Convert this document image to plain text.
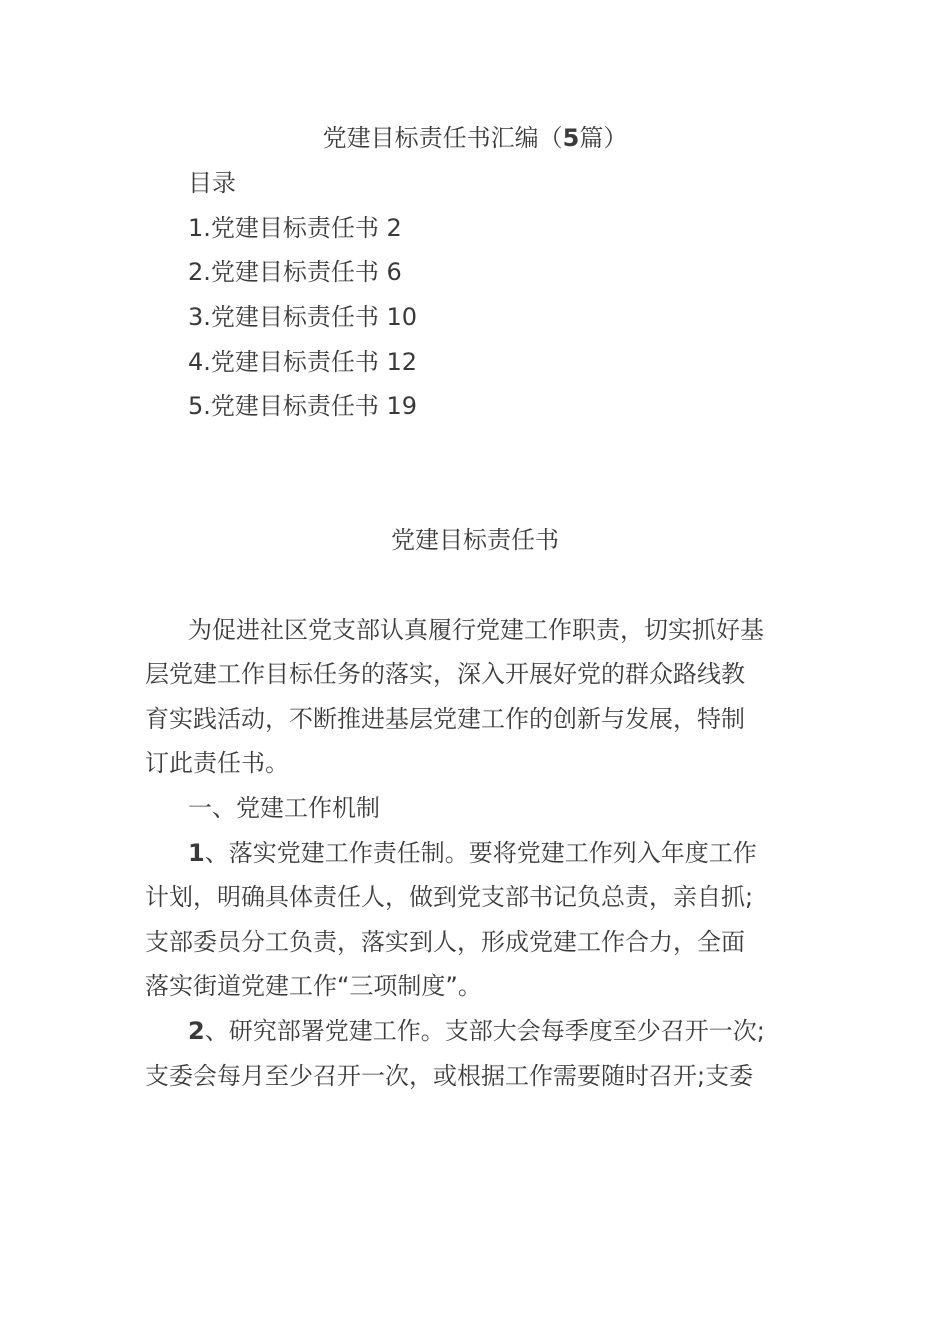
党建目标责任书汇编（5篇）
目录
1.党建目标责任书 2
2.党建目标责任书 6
3.党建目标责任书 10
4.党建目标责任书 12
5.党建目标责任书 19
党建目标责任书
为促进社区党支部认真履行党建工作职责，切实抓好基
层党建工作目标任务的落实，深入开展好党的群众路线教
育实践活动，不断推进基层党建工作的创新与发展，特制
订此责任书。
一、党建工作机制
1、落实党建工作责任制。要将党建工作列入年度工作
计划，明确具体责任人，做到党支部书记负总责，亲自抓;
支部委员分工负责，落实到人，形成党建工作合力，全面
落实街道党建工作“三项制度”。
2、研究部署党建工作。支部大会每季度至少召开一次;
支委会每月至少召开一次，或根据工作需要随时召开;支委
